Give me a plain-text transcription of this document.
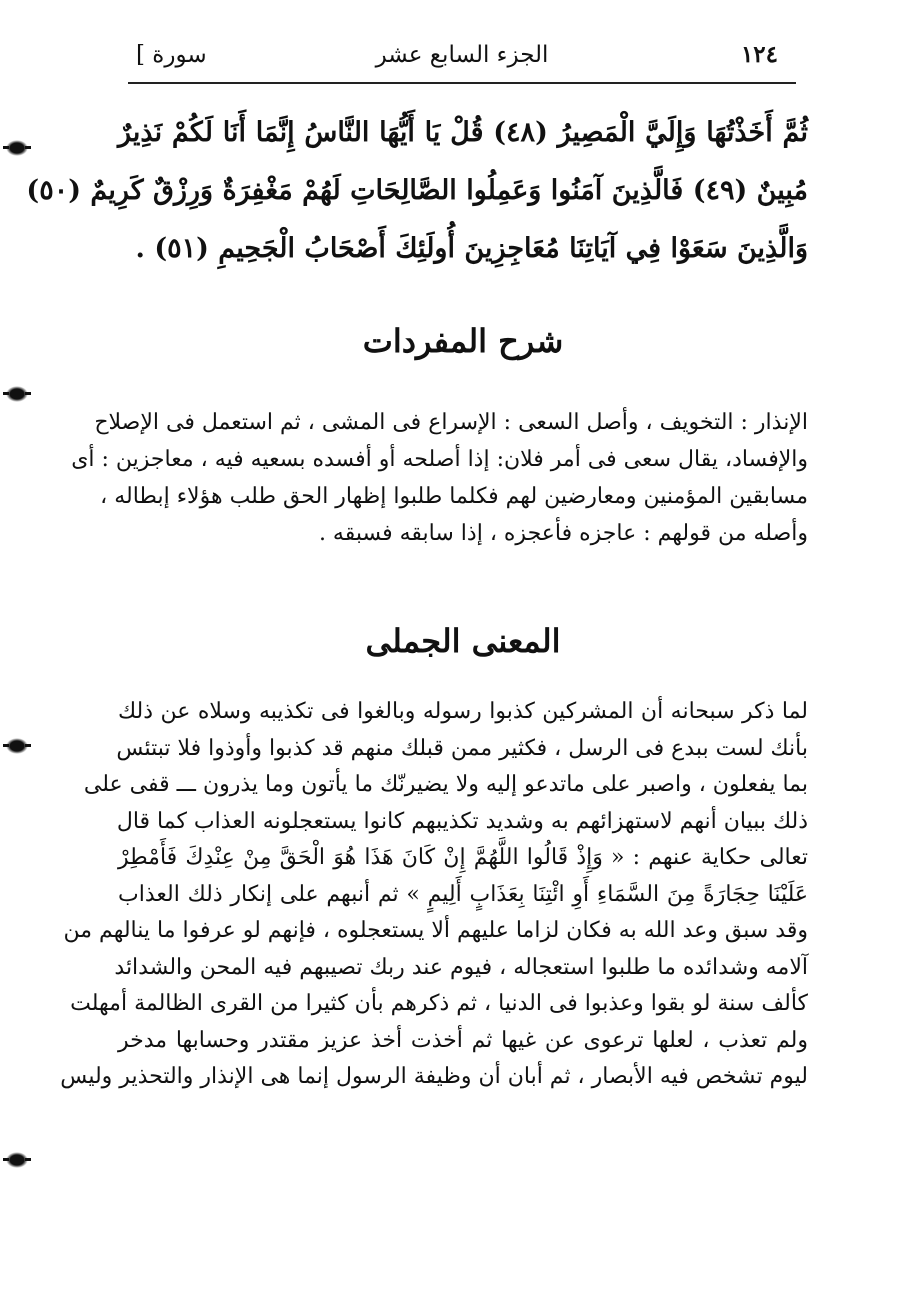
١٢٤
الجزء السابع عشر
[ سورة
ثُمَّ أَخَذْتُهَا وَإِلَيَّ الْمَصِيرُ (٤٨) قُلْ يَا أَيُّهَا النَّاسُ إِنَّمَا أَنَا لَكُمْ نَذِيرٌ
مُبِينٌ (٤٩) فَالَّذِينَ آمَنُوا وَعَمِلُوا الصَّالِحَاتِ لَهُمْ مَغْفِرَةٌ وَرِزْقٌ كَرِيمٌ (٥٠)
وَالَّذِينَ سَعَوْا فِي آيَاتِنَا مُعَاجِزِينَ أُولَئِكَ أَصْحَابُ الْجَحِيمِ (٥١) .
شرح المفردات
الإنذار : التخويف ، وأصل السعى : الإسراع فى المشى ، ثم استعمل فى الإصلاح
والإفساد، يقال سعى فى أمر فلان: إذا أصلحه أو أفسده بسعيه فيه ، معاجزين : أى
مسابقين المؤمنين ومعارضين لهم فكلما طلبوا إظهار الحق طلب هؤلاء إبطاله ،
وأصله من قولهم : عاجزه فأعجزه ، إذا سابقه فسبقه .
المعنى الجملى
لما ذكر سبحانه أن المشركين كذبوا رسوله وبالغوا فى تكذيبه وسلاه عن ذلك
بأنك لست ببدع فى الرسل ، فكثير ممن قبلك منهم قد كذبوا وأوذوا فلا تبتئس
بما يفعلون ، واصبر على ماتدعو إليه ولا يضيرنّك ما يأتون وما يذرون ـــ قفى على
ذلك ببيان أنهم لاستهزائهم به وشديد تكذيبهم كانوا يستعجلونه العذاب كما قال
تعالى حكاية عنهم : « وَإِذْ قَالُوا اللَّهُمَّ إِنْ كَانَ هَذَا هُوَ الْحَقَّ مِنْ عِنْدِكَ فَأَمْطِرْ
عَلَيْنَا حِجَارَةً مِنَ السَّمَاءِ أَوِ ائْتِنَا بِعَذَابٍ أَلِيمٍ » ثم أنبهم على إنكار ذلك العذاب
وقد سبق وعد الله به فكان لزاما عليهم ألا يستعجلوه ، فإنهم لو عرفوا ما ينالهم من
آلامه وشدائده ما طلبوا استعجاله ، فيوم عند ربك تصيبهم فيه المحن والشدائد
كألف سنة لو بقوا وعذبوا فى الدنيا ، ثم ذكرهم بأن كثيرا من القرى الظالمة أمهلت
ولم تعذب ، لعلها ترعوى عن غيها ثم أخذت أخذ عزيز مقتدر وحسابها مدخر
ليوم تشخص فيه الأبصار ، ثم أبان أن وظيفة الرسول إنما هى الإنذار والتحذير وليس
